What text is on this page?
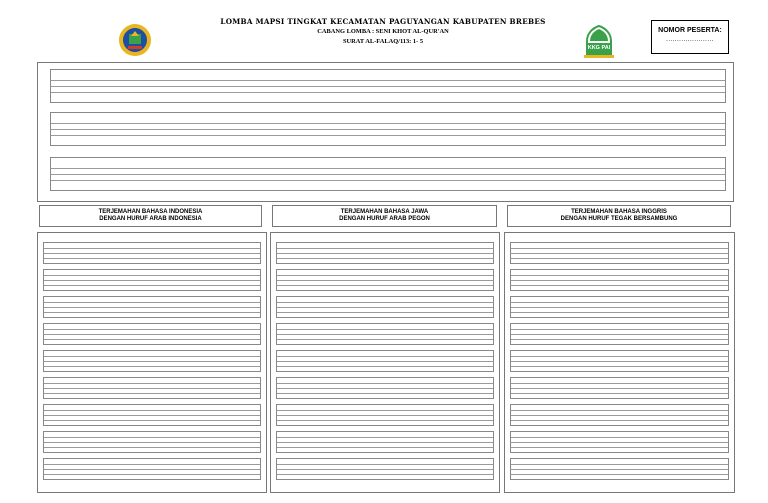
LOMBA MAPSI TINGKAT KECAMATAN PAGUYANGAN KABUPATEN BREBES
CABANG LOMBA : SENI KHOT AL-QUR'AN
SURAT AL-FALAQ/113: 1- 5
KKG PAI
NOMOR PESERTA:
......................
TERJEMAHAN BAHASA INDONESIA
DENGAN HURUF ARAB INDONESIA
TERJEMAHAN BAHASA JAWA
DENGAN HURUF ARAB PEGON
TERJEMAHAN BAHASA INGGRIS
DENGAN HURUF TEGAK BERSAMBUNG
